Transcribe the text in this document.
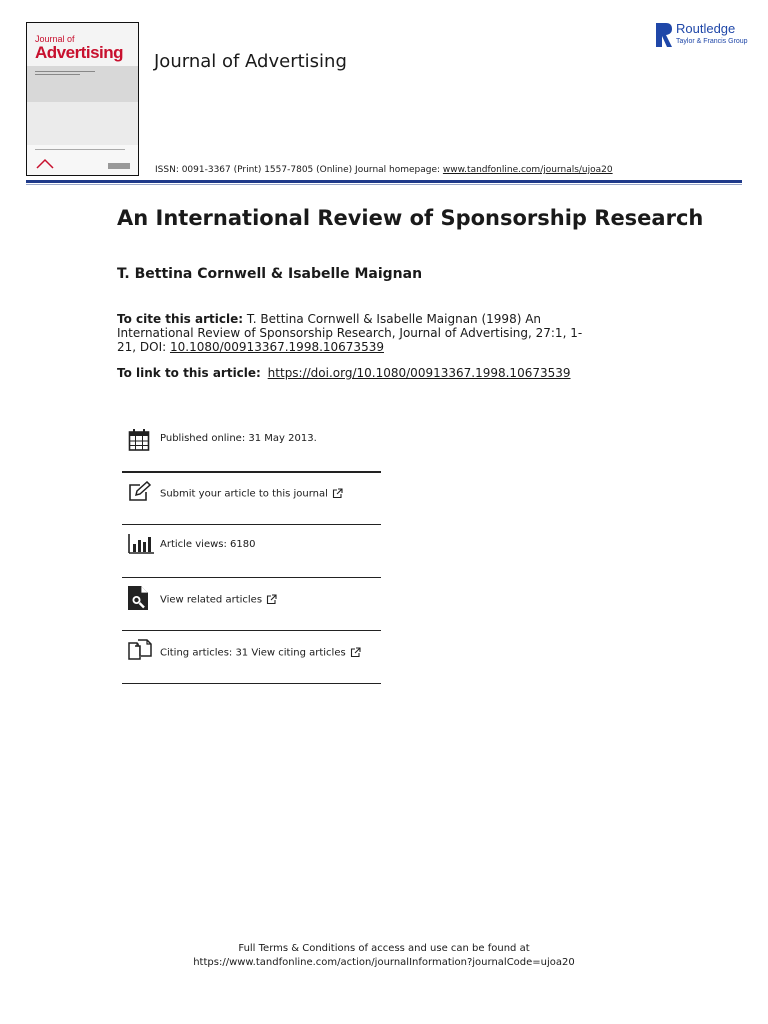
Journal of
Advertising Journal of Advertising
ISSN: 0091-3367 (Print) 1557-7805 (Online) Journal homepage: www.tandfonline.com/journals/ujoa20
Routledge
Taylor & Francis Group
An International Review of Sponsorship Research
T. Bettina Cornwell & Isabelle Maignan
To cite this article: T. Bettina Cornwell & Isabelle Maignan (1998) An International Review of Sponsorship Research, Journal of Advertising, 27:1, 1-21, DOI: 10.1080/00913367.1998.10673539
To link to this article: https://doi.org/10.1080/00913367.1998.10673539
Published online: 31 May 2013.
Submit your article to this journal
Article views: 6180
View related articles
Citing articles: 31 View citing articles
Full Terms & Conditions of access and use can be found at
https://www.tandfonline.com/action/journalInformation?journalCode=ujoa20
